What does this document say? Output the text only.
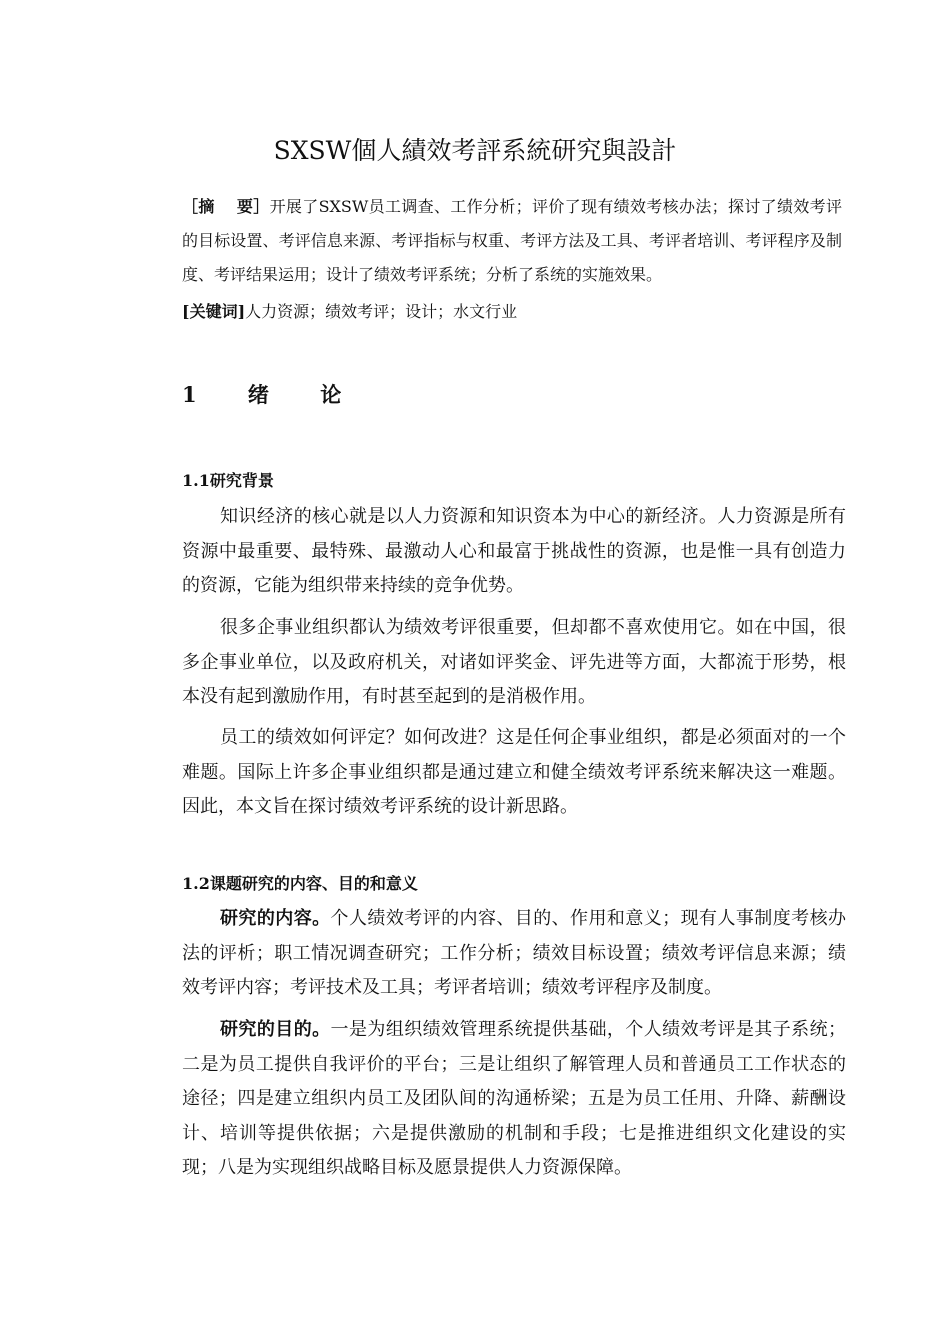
SXSW個人績效考評系統研究與設計
［摘　 要］开展了SXSW员工调查、工作分析；评价了现有绩效考核办法；探讨了绩效考评的目标设置、考评信息来源、考评指标与权重、考评方法及工具、考评者培训、考评程序及制度、考评结果运用；设计了绩效考评系统；分析了系统的实施效果。
[关键词]人力资源；绩效考评；设计；水文行业
1 绪 论
1.1研究背景
知识经济的核心就是以人力资源和知识资本为中心的新经济。人力资源是所有资源中最重要、最特殊、最激动人心和最富于挑战性的资源，也是惟一具有创造力的资源，它能为组织带来持续的竞争优势。
很多企事业组织都认为绩效考评很重要，但却都不喜欢使用它。如在中国，很多企事业单位，以及政府机关，对诸如评奖金、评先进等方面，大都流于形势，根本没有起到激励作用，有时甚至起到的是消极作用。
员工的绩效如何评定？如何改进？这是任何企事业组织，都是必须面对的一个难题。国际上许多企事业组织都是通过建立和健全绩效考评系统来解决这一难题。因此，本文旨在探讨绩效考评系统的设计新思路。
1.2课题研究的内容、目的和意义
研究的内容。个人绩效考评的内容、目的、作用和意义；现有人事制度考核办法的评析；职工情况调查研究；工作分析；绩效目标设置；绩效考评信息来源；绩效考评内容；考评技术及工具；考评者培训；绩效考评程序及制度。
研究的目的。一是为组织绩效管理系统提供基础，个人绩效考评是其子系统；二是为员工提供自我评价的平台；三是让组织了解管理人员和普通员工工作状态的途径；四是建立组织内员工及团队间的沟通桥梁；五是为员工任用、升降、薪酬设计、培训等提供依据；六是提供激励的机制和手段；七是推进组织文化建设的实现；八是为实现组织战略目标及愿景提供人力资源保障。
